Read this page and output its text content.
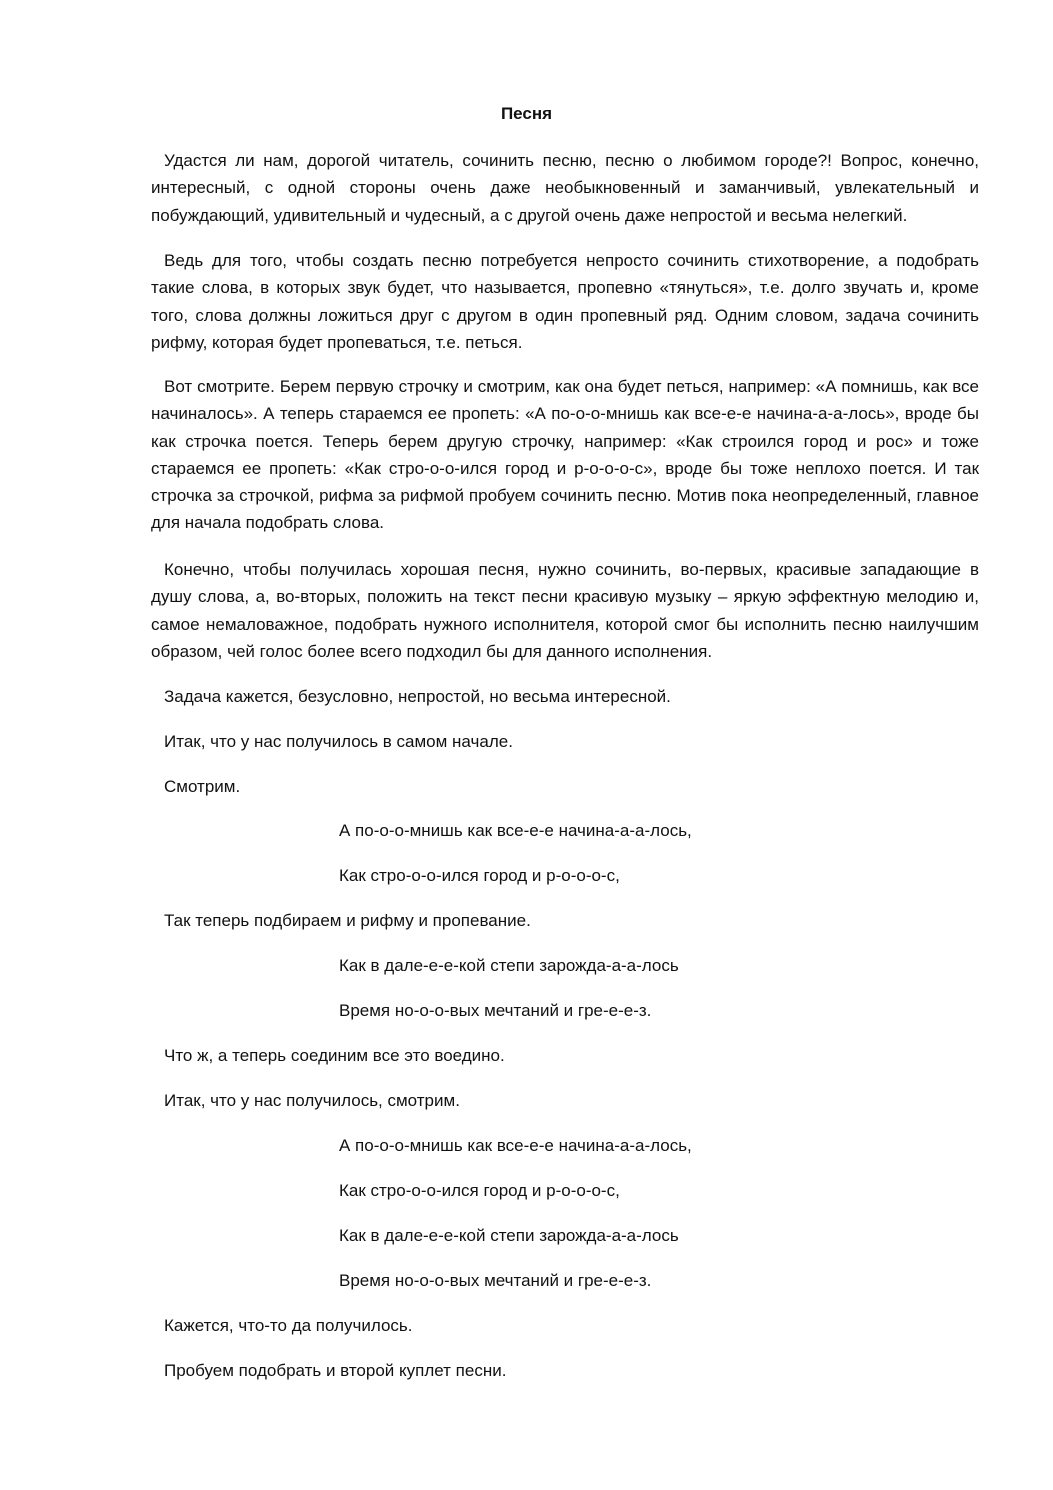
Песня

Удастся ли нам, дорогой читатель, сочинить песню, песню о любимом городе?! Вопрос, конечно, интересный, с одной стороны очень даже необыкновенный и заманчивый, увлекательный и побуждающий, удивительный и чудесный, а с другой очень даже непростой и весьма нелегкий.

Ведь для того, чтобы создать песню потребуется непросто сочинить стихотворение, а подобрать такие слова, в которых звук будет, что называется, пропевно «тянуться», т.е. долго звучать и, кроме того, слова должны ложиться друг с другом в один пропевный ряд. Одним словом, задача сочинить рифму, которая будет пропеваться, т.е. петься.

Вот смотрите. Берем первую строчку и смотрим, как она будет петься, например: «А помнишь, как все начиналось». А теперь стараемся ее пропеть: «А по-о-о-мнишь как все-е-е начина-а-а-лось», вроде бы как строчка поется. Теперь берем другую строчку, например: «Как строился город и рос» и тоже стараемся ее пропеть: «Как стро-о-о-ился город и р-о-о-о-с», вроде бы тоже неплохо поется. И так строчка за строчкой, рифма за рифмой пробуем сочинить песню. Мотив пока неопределенный, главное для начала подобрать слова.

Конечно, чтобы получилась хорошая песня, нужно сочинить, во-первых, красивые западающие в душу слова, а, во-вторых, положить на текст песни красивую музыку – яркую эффектную мелодию и, самое немаловажное, подобрать нужного исполнителя, которой смог бы исполнить песню наилучшим образом, чей голос более всего подходил бы для данного исполнения.

Задача кажется, безусловно, непростой, но весьма интересной.

Итак, что у нас получилось в самом начале.

Смотрим.

А по-о-о-мнишь как все-е-е начина-а-а-лось,

Как стро-о-о-ился город и р-о-о-о-с,

Так теперь подбираем и рифму и пропевание.

Как в дале-е-е-кой степи зарожда-а-а-лось

Время но-о-о-вых мечтаний и гре-е-е-з.

Что ж, а теперь соединим все это воедино.

Итак, что у нас получилось, смотрим.

А по-о-о-мнишь как все-е-е начина-а-а-лось,

Как стро-о-о-ился город и р-о-о-о-с,

Как в дале-е-е-кой степи зарожда-а-а-лось

Время но-о-о-вых мечтаний и гре-е-е-з.

Кажется, что-то да получилось.

Пробуем подобрать и второй куплет песни.
